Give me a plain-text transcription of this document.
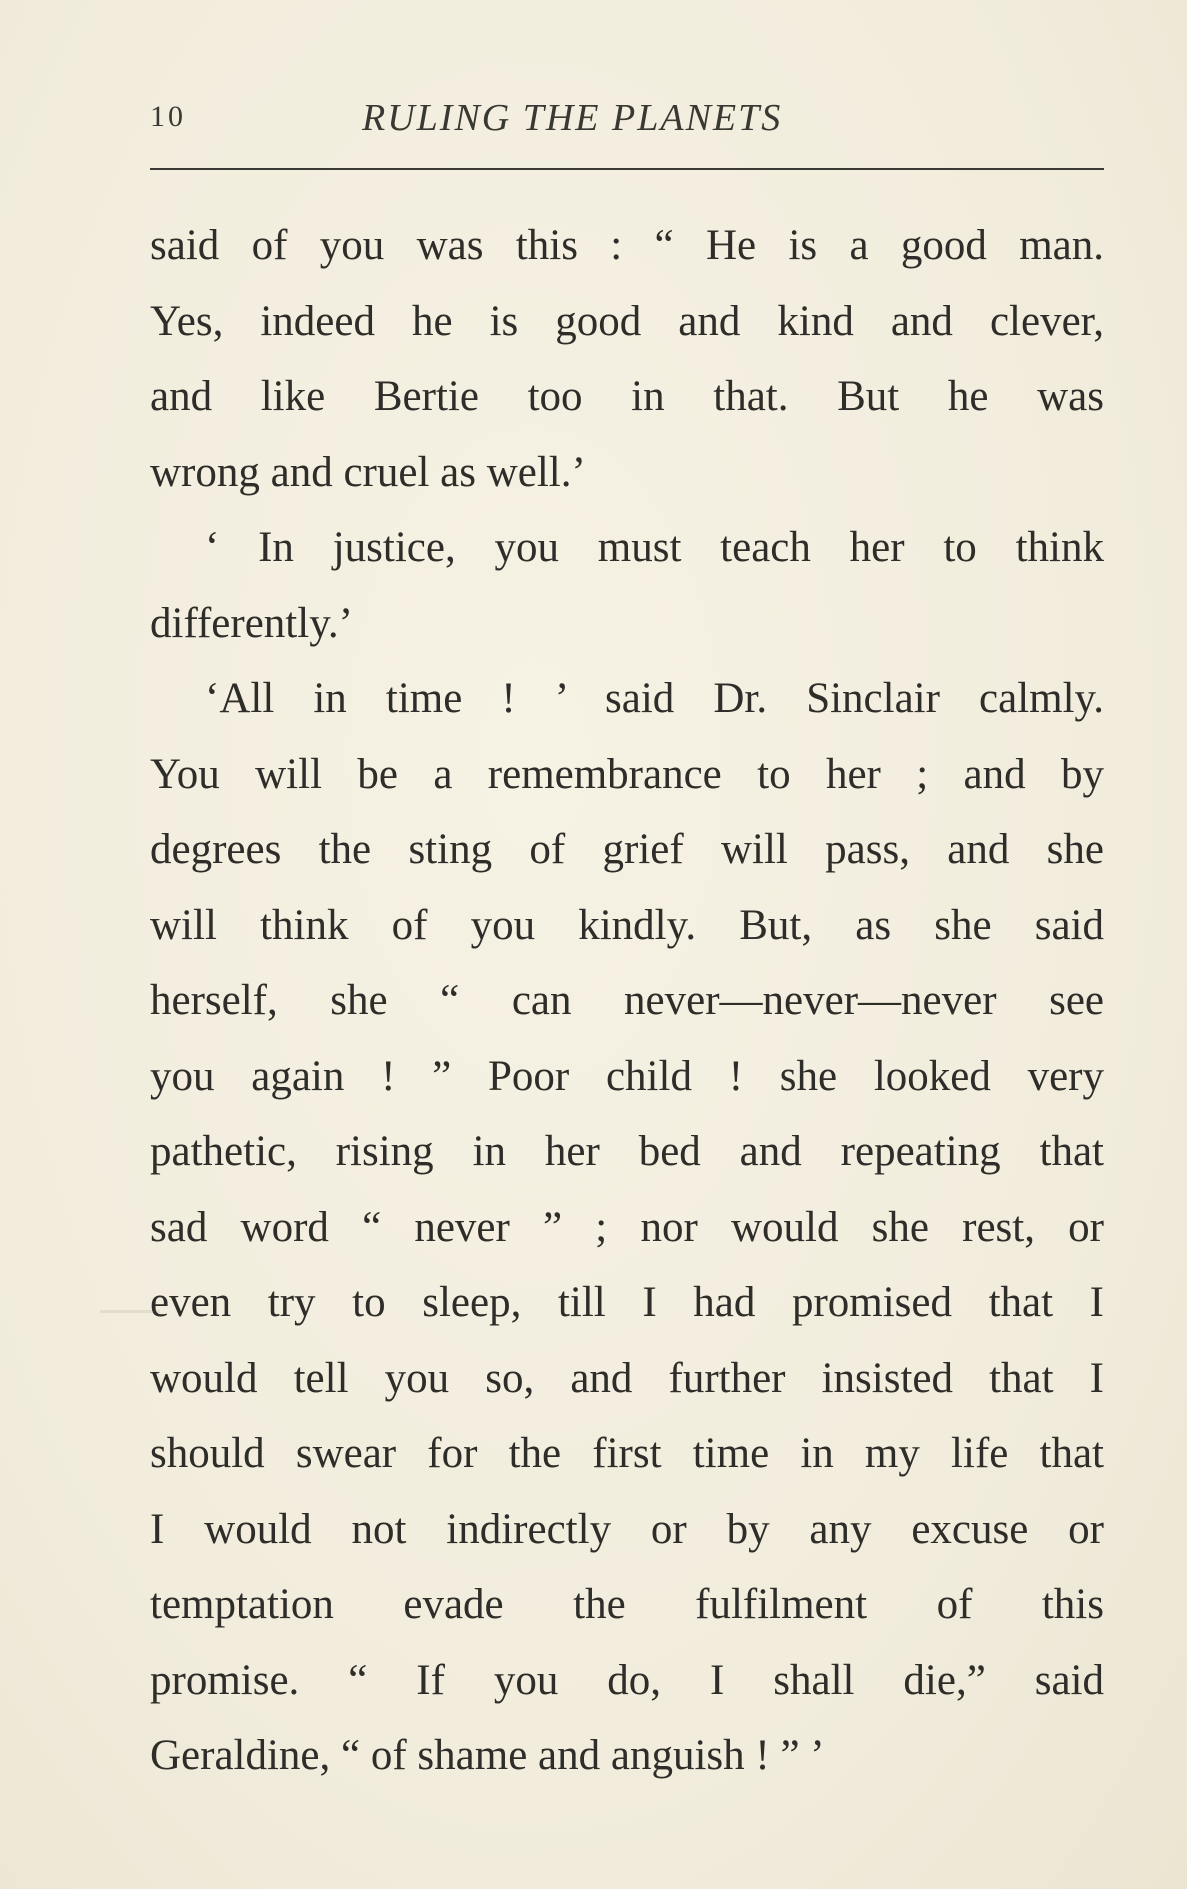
10	RULING THE PLANETS
said of you was this : “ He is a good man.
Yes, indeed he is good and kind and clever,
and like Bertie too in that. But he was
wrong and cruel as well.’
‘ In justice, you must teach her to think
differently.’
‘All in time ! ’ said Dr. Sinclair calmly.
You will be a remembrance to her ; and by
degrees the sting of grief will pass, and she
will think of you kindly. But, as she said
herself, she “ can never—never—never see
you again ! ” Poor child ! she looked very
pathetic, rising in her bed and repeating that
sad word “ never ” ; nor would she rest, or
even try to sleep, till I had promised that I
would tell you so, and further insisted that I
should swear for the first time in my life that
I would not indirectly or by any excuse or
temptation evade the fulfilment of this
promise. “ If you do, I shall die,” said
Geraldine, “ of shame and anguish ! ” ’
